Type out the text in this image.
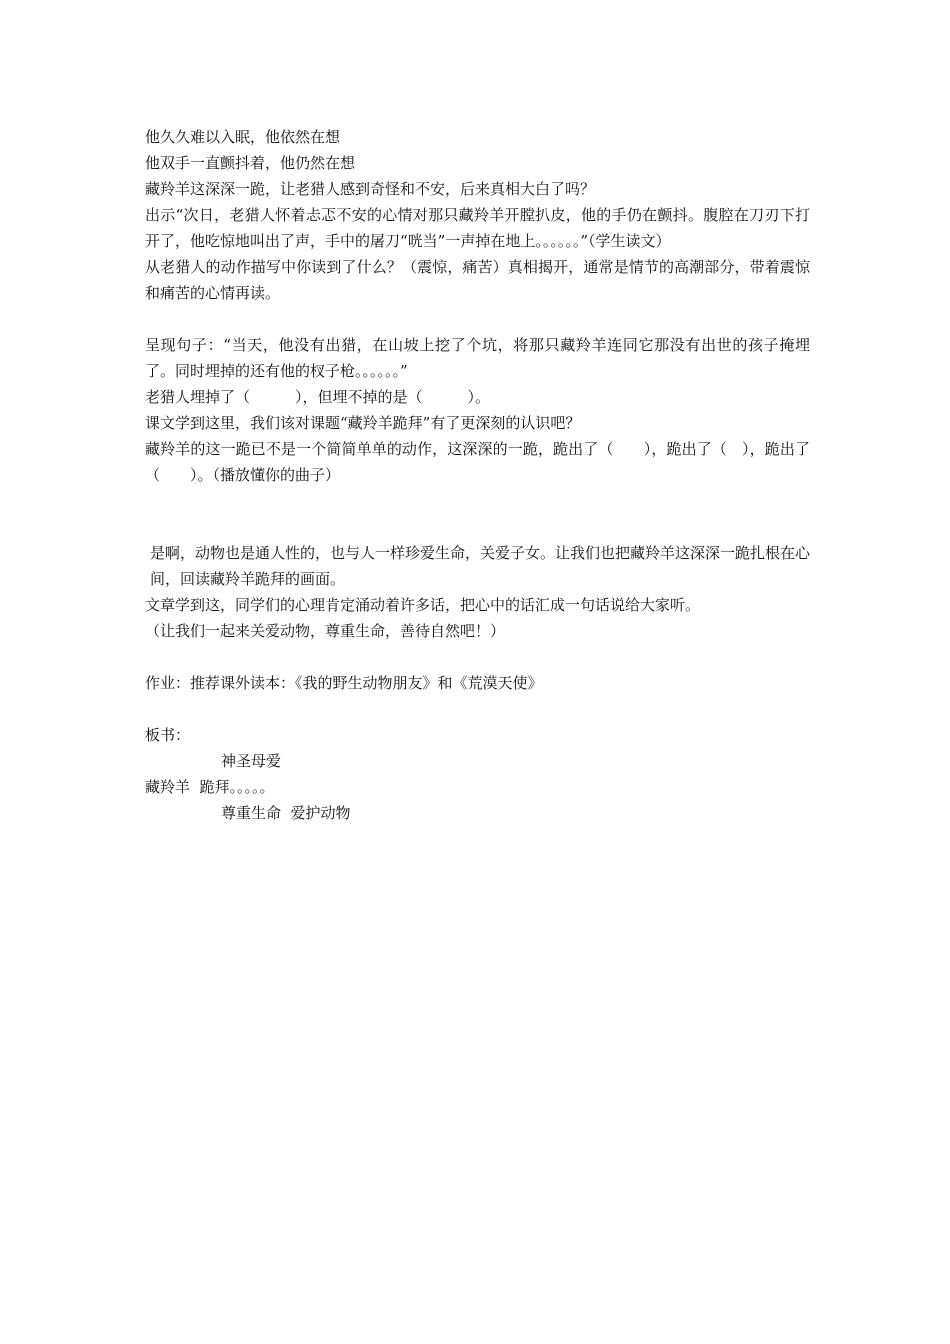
他久久难以入眠，他依然在想

他双手一直颤抖着，他仍然在想

藏羚羊这深深一跪，让老猎人感到奇怪和不安，后来真相大白了吗？

出示“次日，老猎人怀着忐忑不安的心情对那只藏羚羊开膛扒皮，他的手仍在颤抖。腹腔在刀刃下打开了，他吃惊地叫出了声，手中的屠刀“咣当”一声掉在地上。。。。。。”（学生读文）

从老猎人的动作描写中你读到了什么？（震惊，痛苦）真相揭开，通常是情节的高潮部分，带着震惊和痛苦的心情再读。

呈现句子：“当天，他没有出猎，在山坡上挖了个坑，将那只藏羚羊连同它那没有出世的孩子掩埋了。同时埋掉的还有他的杈子枪。。。。。。”

老猎人埋掉了（　　　），但埋不掉的是（　　　）。

课文学到这里，我们该对课题“藏羚羊跪拜”有了更深刻的认识吧？

藏羚羊的这一跪已不是一个简简单单的动作，这深深的一跪，跪出了（　　），跪出了（　），跪出了（　　）。（播放懂你的曲子）

是啊，动物也是通人性的，也与人一样珍爱生命，关爱子女。让我们也把藏羚羊这深深一跪扎根在心间，回读藏羚羊跪拜的画面。

文章学到这，同学们的心理肯定涌动着许多话，把心中的话汇成一句话说给大家听。

（让我们一起来关爱动物，尊重生命，善待自然吧！）

作业：推荐课外读本：《我的野生动物朋友》和《荒漠天使》

板书：

神圣母爱

藏羚羊  跪拜。。。。。

尊重生命  爱护动物
